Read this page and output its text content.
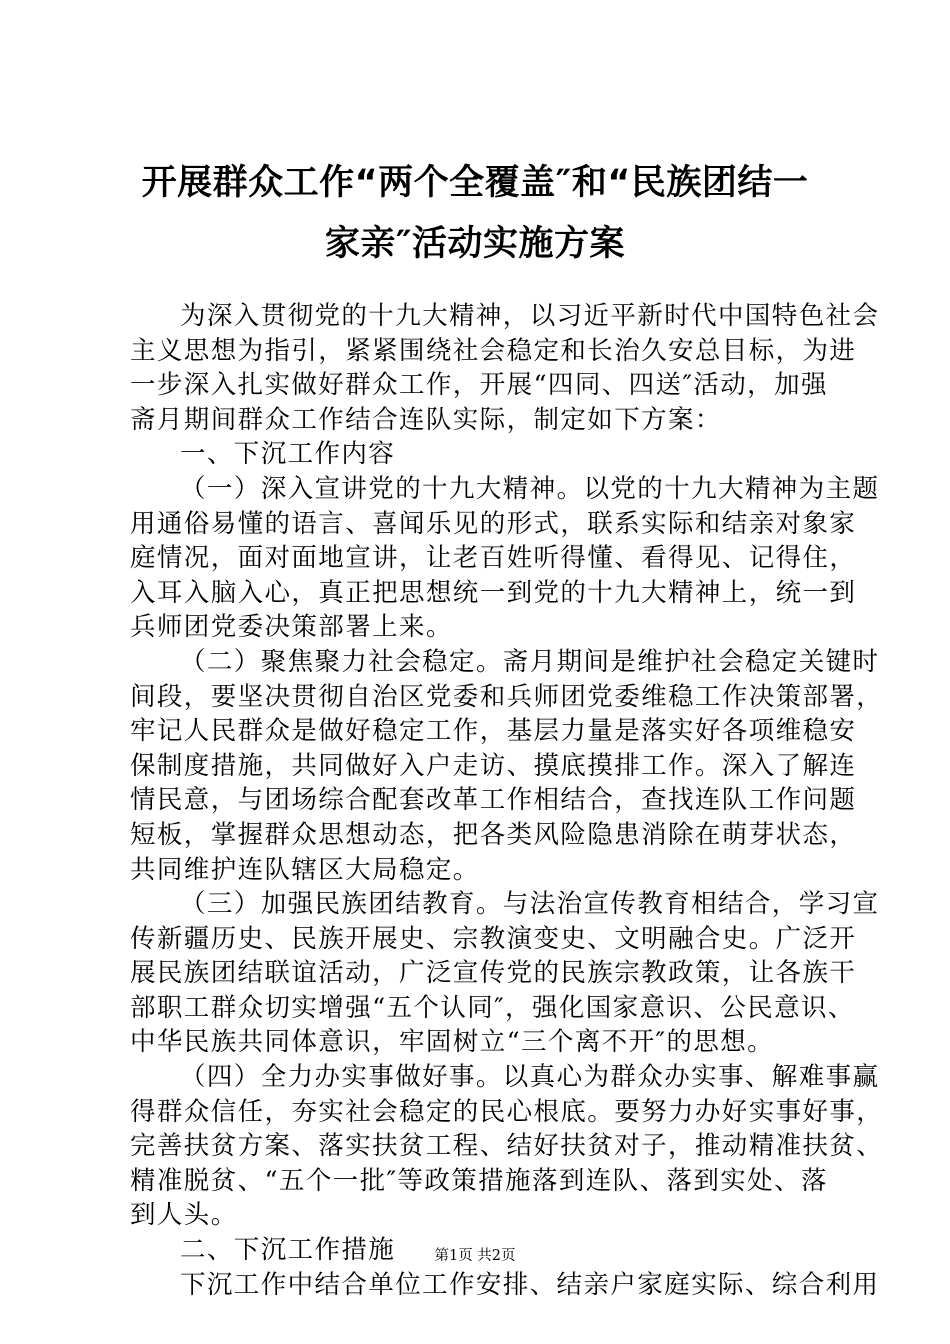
开展群众工作“两个全覆盖″和“民族团结一
家亲″活动实施方案
为深入贯彻党的十九大精神，以习近平新时代中国特色社会
主义思想为指引，紧紧围绕社会稳定和长治久安总目标，为进
一步深入扎实做好群众工作，开展“四同、四送″活动，加强
斋月期间群众工作结合连队实际，制定如下方案：
一、下沉工作内容
（一）深入宣讲党的十九大精神。以党的十九大精神为主题
用通俗易懂的语言、喜闻乐见的形式，联系实际和结亲对象家
庭情况，面对面地宣讲，让老百姓听得懂、看得见、记得住，
入耳入脑入心，真正把思想统一到党的十九大精神上，统一到
兵师团党委决策部署上来。
（二）聚焦聚力社会稳定。斋月期间是维护社会稳定关键时
间段，要坚决贯彻自治区党委和兵师团党委维稳工作决策部署，
牢记人民群众是做好稳定工作，基层力量是落实好各项维稳安
保制度措施，共同做好入户走访、摸底摸排工作。深入了解连
情民意，与团场综合配套改革工作相结合，查找连队工作问题
短板，掌握群众思想动态，把各类风险隐患消除在萌芽状态，
共同维护连队辖区大局稳定。
（三）加强民族团结教育。与法治宣传教育相结合，学习宣
传新疆历史、民族开展史、宗教演变史、文明融合史。广泛开
展民族团结联谊活动，广泛宣传党的民族宗教政策，让各族干
部职工群众切实增强“五个认同″，强化国家意识、公民意识、
中华民族共同体意识，牢固树立“三个离不开″的思想。
（四）全力办实事做好事。以真心为群众办实事、解难事赢
得群众信任，夯实社会稳定的民心根底。要努力办好实事好事，
完善扶贫方案、落实扶贫工程、结好扶贫对子，推动精准扶贫、
精准脱贫、“五个一批″等政策措施落到连队、落到实处、落
到人头。
二、下沉工作措施
下沉工作中结合单位工作安排、结亲户家庭实际、综合利用
第1页 共2页
